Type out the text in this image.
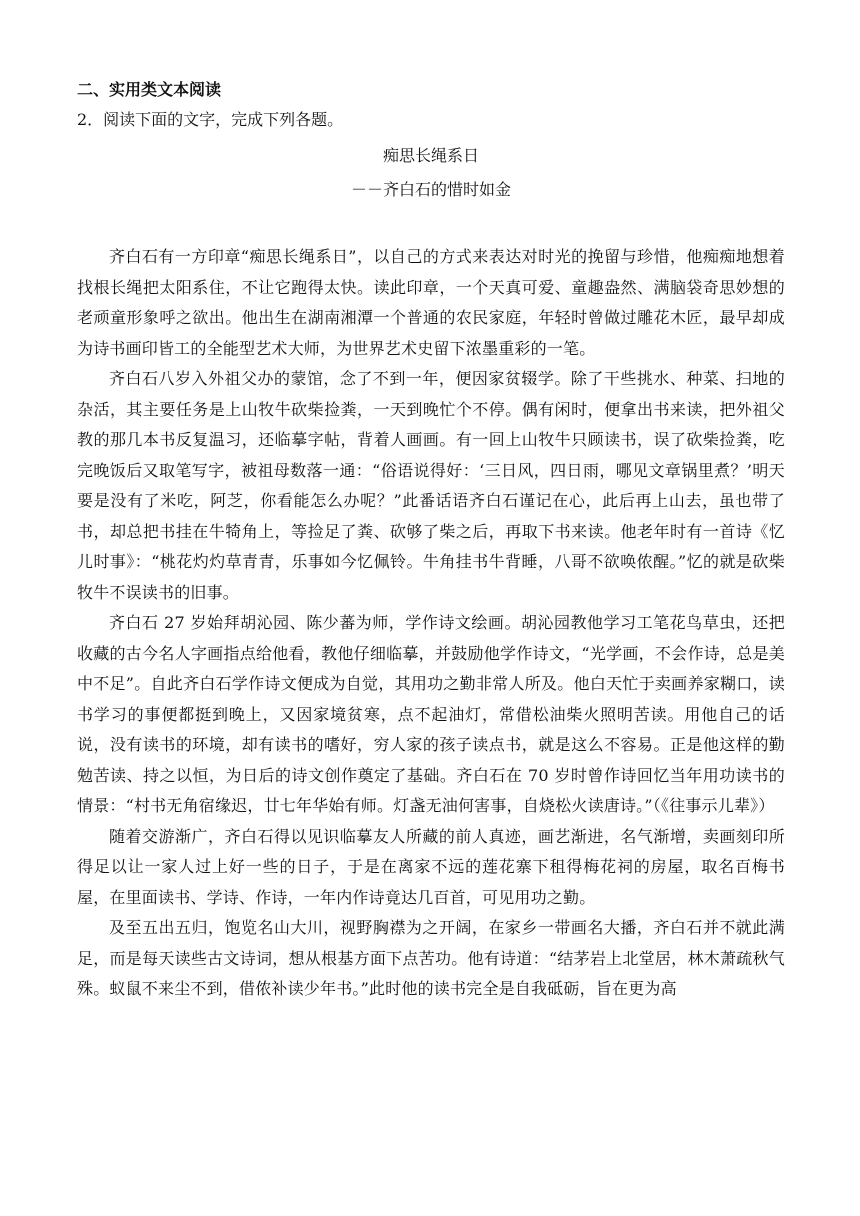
二、实用类文本阅读
2．阅读下面的文字，完成下列各题。
痴思长绳系日
－－齐白石的惜时如金

齐白石有一方印章“痴思长绳系日”，以自己的方式来表达对时光的挽留与珍惜，他痴痴地想着找根长绳把太阳系住，不让它跑得太快。读此印章，一个天真可爱、童趣盎然、满脑袋奇思妙想的老顽童形象呼之欲出。他出生在湖南湘潭一个普通的农民家庭，年轻时曾做过雕花木匠，最早却成为诗书画印皆工的全能型艺术大师，为世界艺术史留下浓墨重彩的一笔。

齐白石八岁入外祖父办的蒙馆，念了不到一年，便因家贫辍学。除了干些挑水、种菜、扫地的杂活，其主要任务是上山牧牛砍柴捡粪，一天到晚忙个不停。偶有闲时，便拿出书来读，把外祖父教的那几本书反复温习，还临摹字帖，背着人画画。有一回上山牧牛只顾读书，误了砍柴捡粪，吃完晚饭后又取笔写字，被祖母数落一通：“俗语说得好：‘三日风，四日雨，哪见文章锅里煮？’明天要是没有了米吃，阿芝，你看能怎么办呢？”此番话语齐白石谨记在心，此后再上山去，虽也带了书，却总把书挂在牛犄角上，等捡足了粪、砍够了柴之后，再取下书来读。他老年时有一首诗《忆儿时事》：“桃花灼灼草青青，乐事如今忆佩铃。牛角挂书牛背睡，八哥不欲唤侬醒。”忆的就是砍柴牧牛不误读书的旧事。

齐白石 27 岁始拜胡沁园、陈少蕃为师，学作诗文绘画。胡沁园教他学习工笔花鸟草虫，还把收藏的古今名人字画指点给他看，教他仔细临摹，并鼓励他学作诗文，“光学画，不会作诗，总是美中不足”。自此齐白石学作诗文便成为自觉，其用功之勤非常人所及。他白天忙于卖画养家糊口，读书学习的事便都挺到晚上，又因家境贫寒，点不起油灯，常借松油柴火照明苦读。用他自己的话说，没有读书的环境，却有读书的嗜好，穷人家的孩子读点书，就是这么不容易。正是他这样的勤勉苦读、持之以恒，为日后的诗文创作奠定了基础。齐白石在 70 岁时曾作诗回忆当年用功读书的情景：“村书无角宿缘迟，廿七年华始有师。灯盏无油何害事，自烧松火读唐诗。”（《往事示儿辈》）

随着交游渐广，齐白石得以见识临摹友人所藏的前人真迹，画艺渐进，名气渐增，卖画刻印所得足以让一家人过上好一些的日子，于是在离家不远的莲花寨下租得梅花祠的房屋，取名百梅书屋，在里面读书、学诗、作诗，一年内作诗竟达几百首，可见用功之勤。

及至五出五归，饱览名山大川，视野胸襟为之开阔，在家乡一带画名大播，齐白石并不就此满足，而是每天读些古文诗词，想从根基方面下点苦功。他有诗道：“结茅岩上北堂居，林木萧疏秋气殊。蚁鼠不来尘不到，借侬补读少年书。”此时他的读书完全是自我砥砺，旨在更为高
